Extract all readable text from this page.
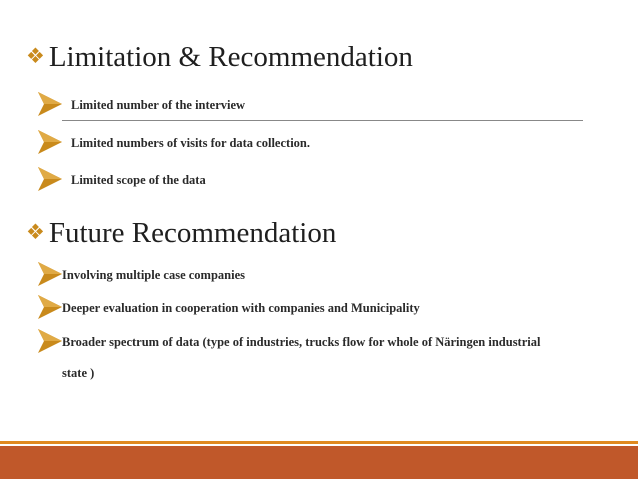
❖ Limitation & Recommendation
Limited number of the interview
Limited numbers of visits for data collection.
Limited scope of the data
❖ Future Recommendation
Involving multiple case companies
Deeper evaluation in cooperation with companies and Municipality
Broader spectrum of data (type of industries, trucks flow for whole of Näringen industrial
state )
